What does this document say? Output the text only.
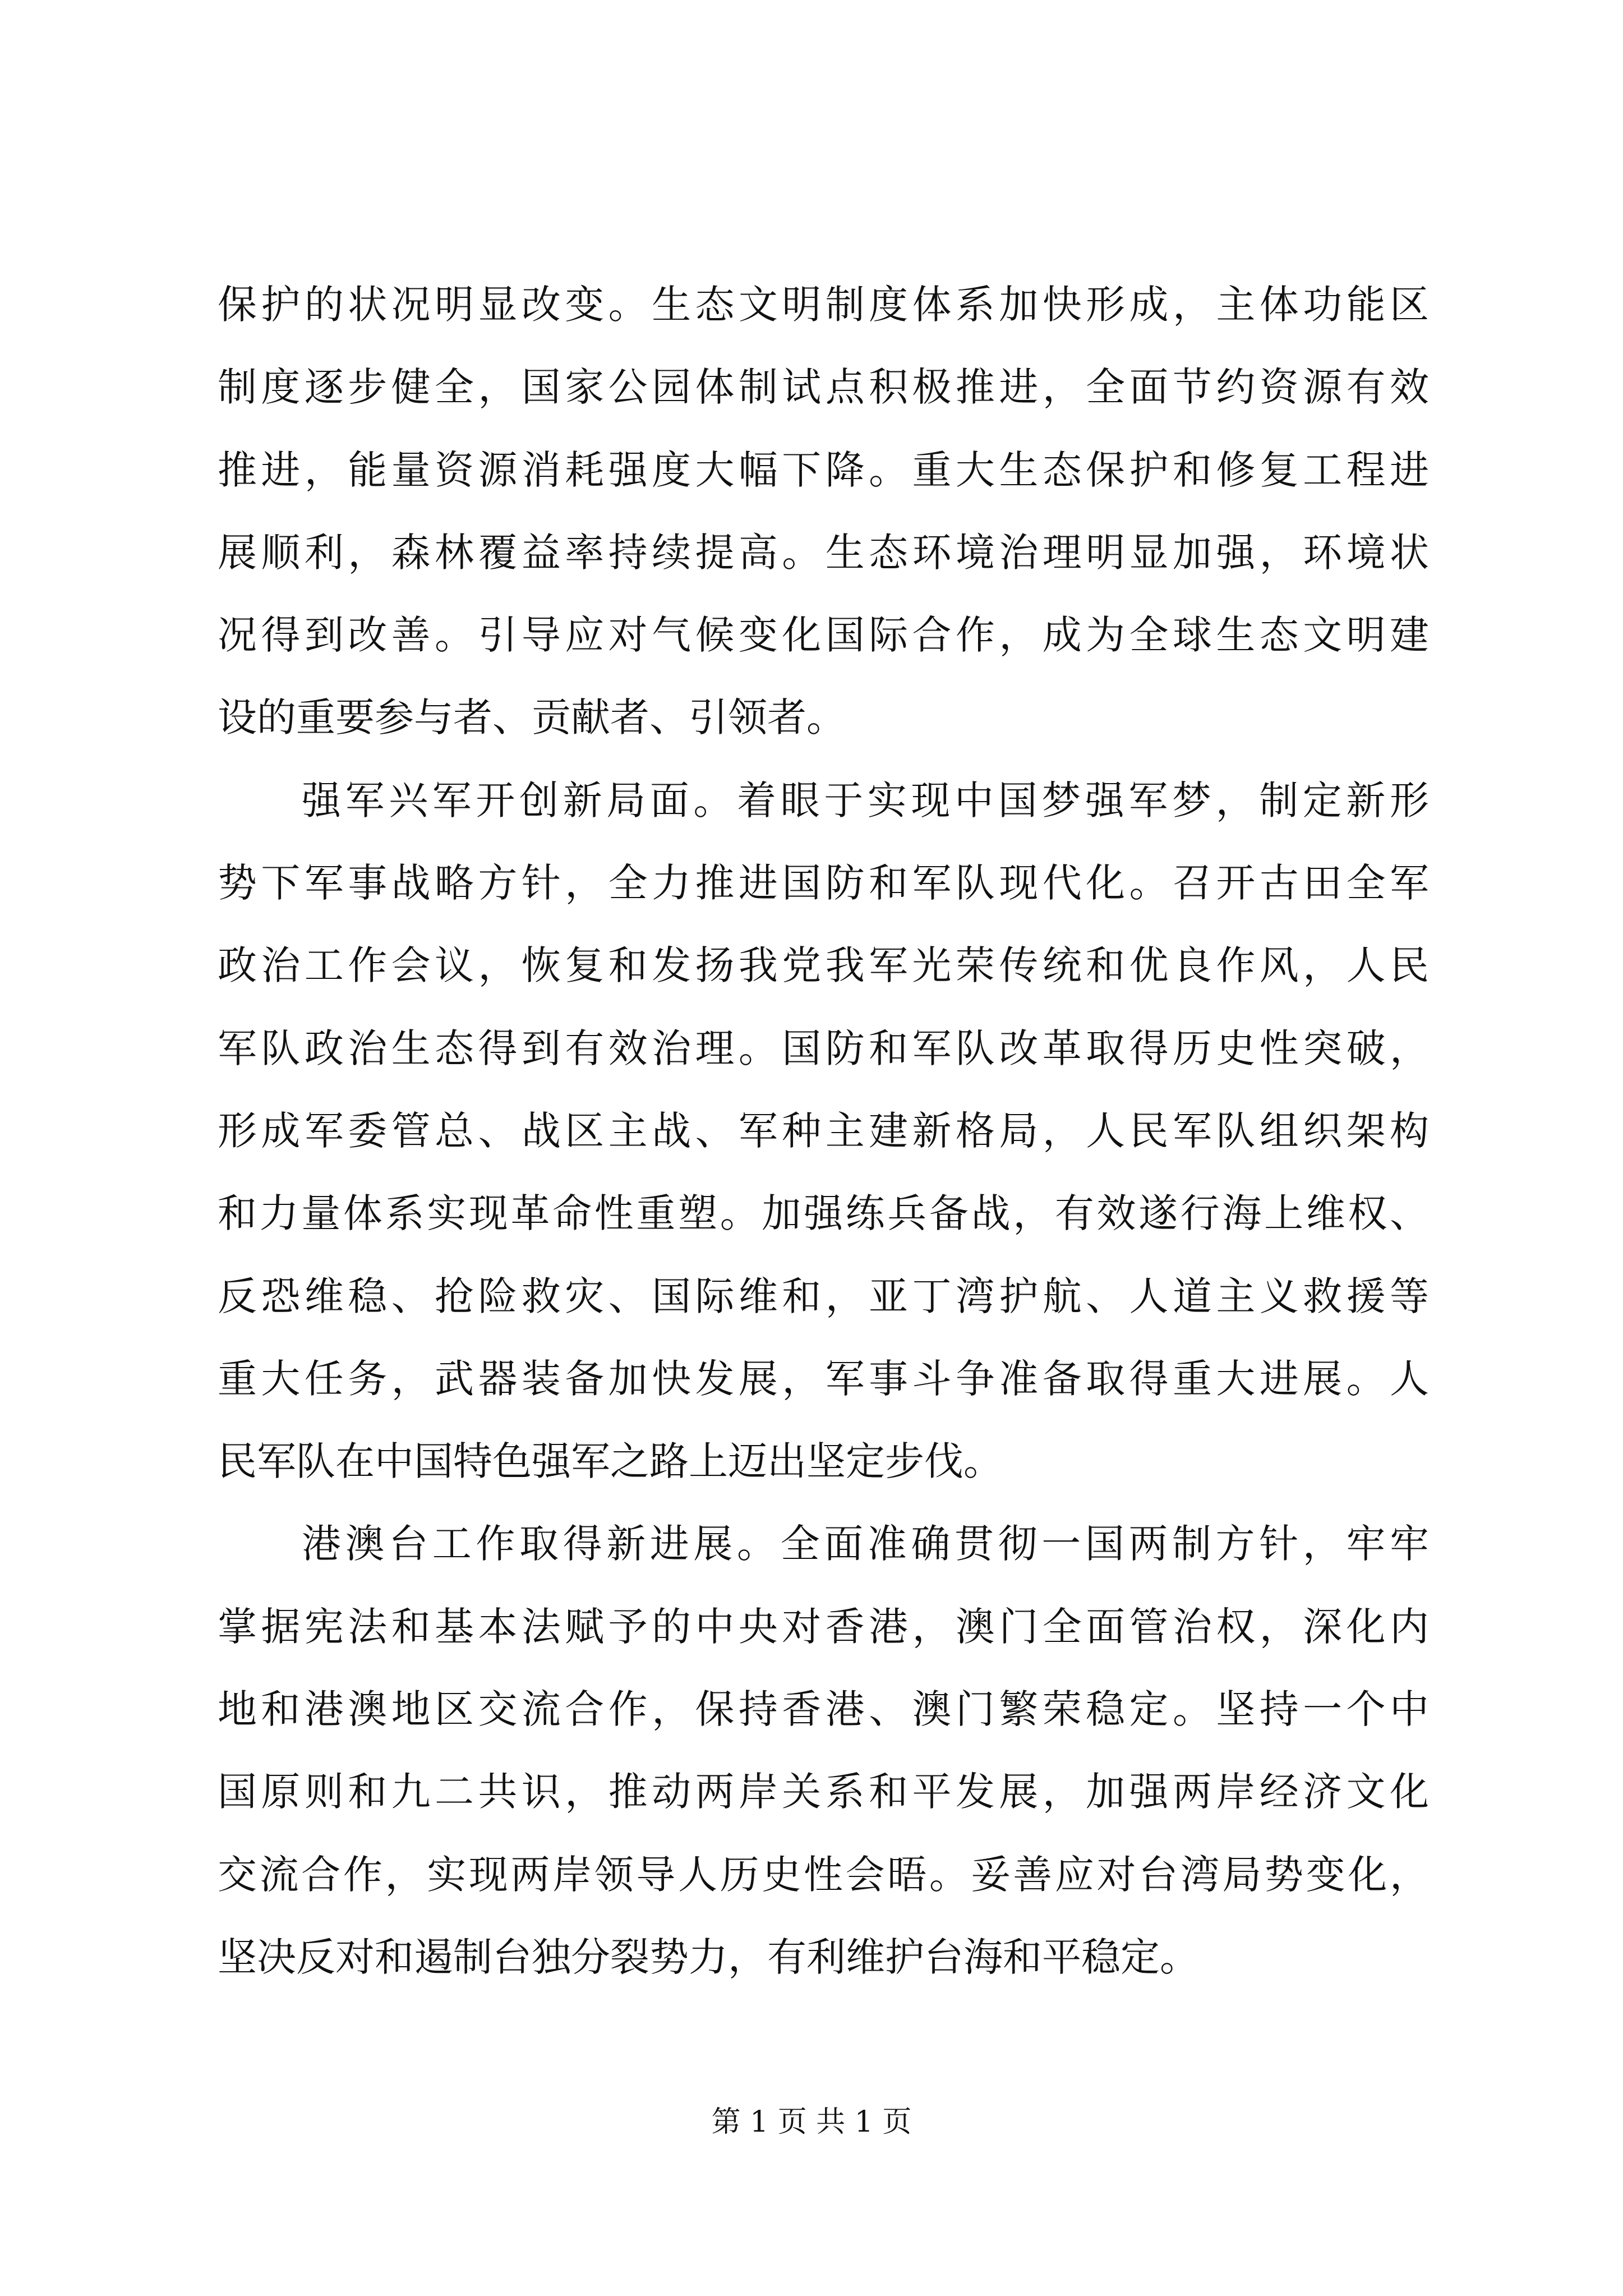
保护的状况明显改变。生态文明制度体系加快形成，主体功能区
制度逐步健全，国家公园体制试点积极推进，全面节约资源有效
推进，能量资源消耗强度大幅下降。重大生态保护和修复工程进
展顺利，森林覆益率持续提高。生态环境治理明显加强，环境状
况得到改善。引导应对气候变化国际合作，成为全球生态文明建
设的重要参与者、贡献者、引领者。
强军兴军开创新局面。着眼于实现中国梦强军梦，制定新形
势下军事战略方针，全力推进国防和军队现代化。召开古田全军
政治工作会议，恢复和发扬我党我军光荣传统和优良作风，人民
军队政治生态得到有效治理。国防和军队改革取得历史性突破，
形成军委管总、战区主战、军种主建新格局，人民军队组织架构
和力量体系实现革命性重塑。加强练兵备战，有效遂行海上维权、
反恐维稳、抢险救灾、国际维和，亚丁湾护航、人道主义救援等
重大任务，武器装备加快发展，军事斗争准备取得重大进展。人
民军队在中国特色强军之路上迈出坚定步伐。
港澳台工作取得新进展。全面准确贯彻一国两制方针，牢牢
掌据宪法和基本法赋予的中央对香港，澳门全面管治权，深化内
地和港澳地区交流合作，保持香港、澳门繁荣稳定。坚持一个中
国原则和九二共识，推动两岸关系和平发展，加强两岸经济文化
交流合作，实现两岸领导人历史性会晤。妥善应对台湾局势变化，
坚决反对和遏制台独分裂势力，有利维护台海和平稳定。
第 1 页 共 1 页
